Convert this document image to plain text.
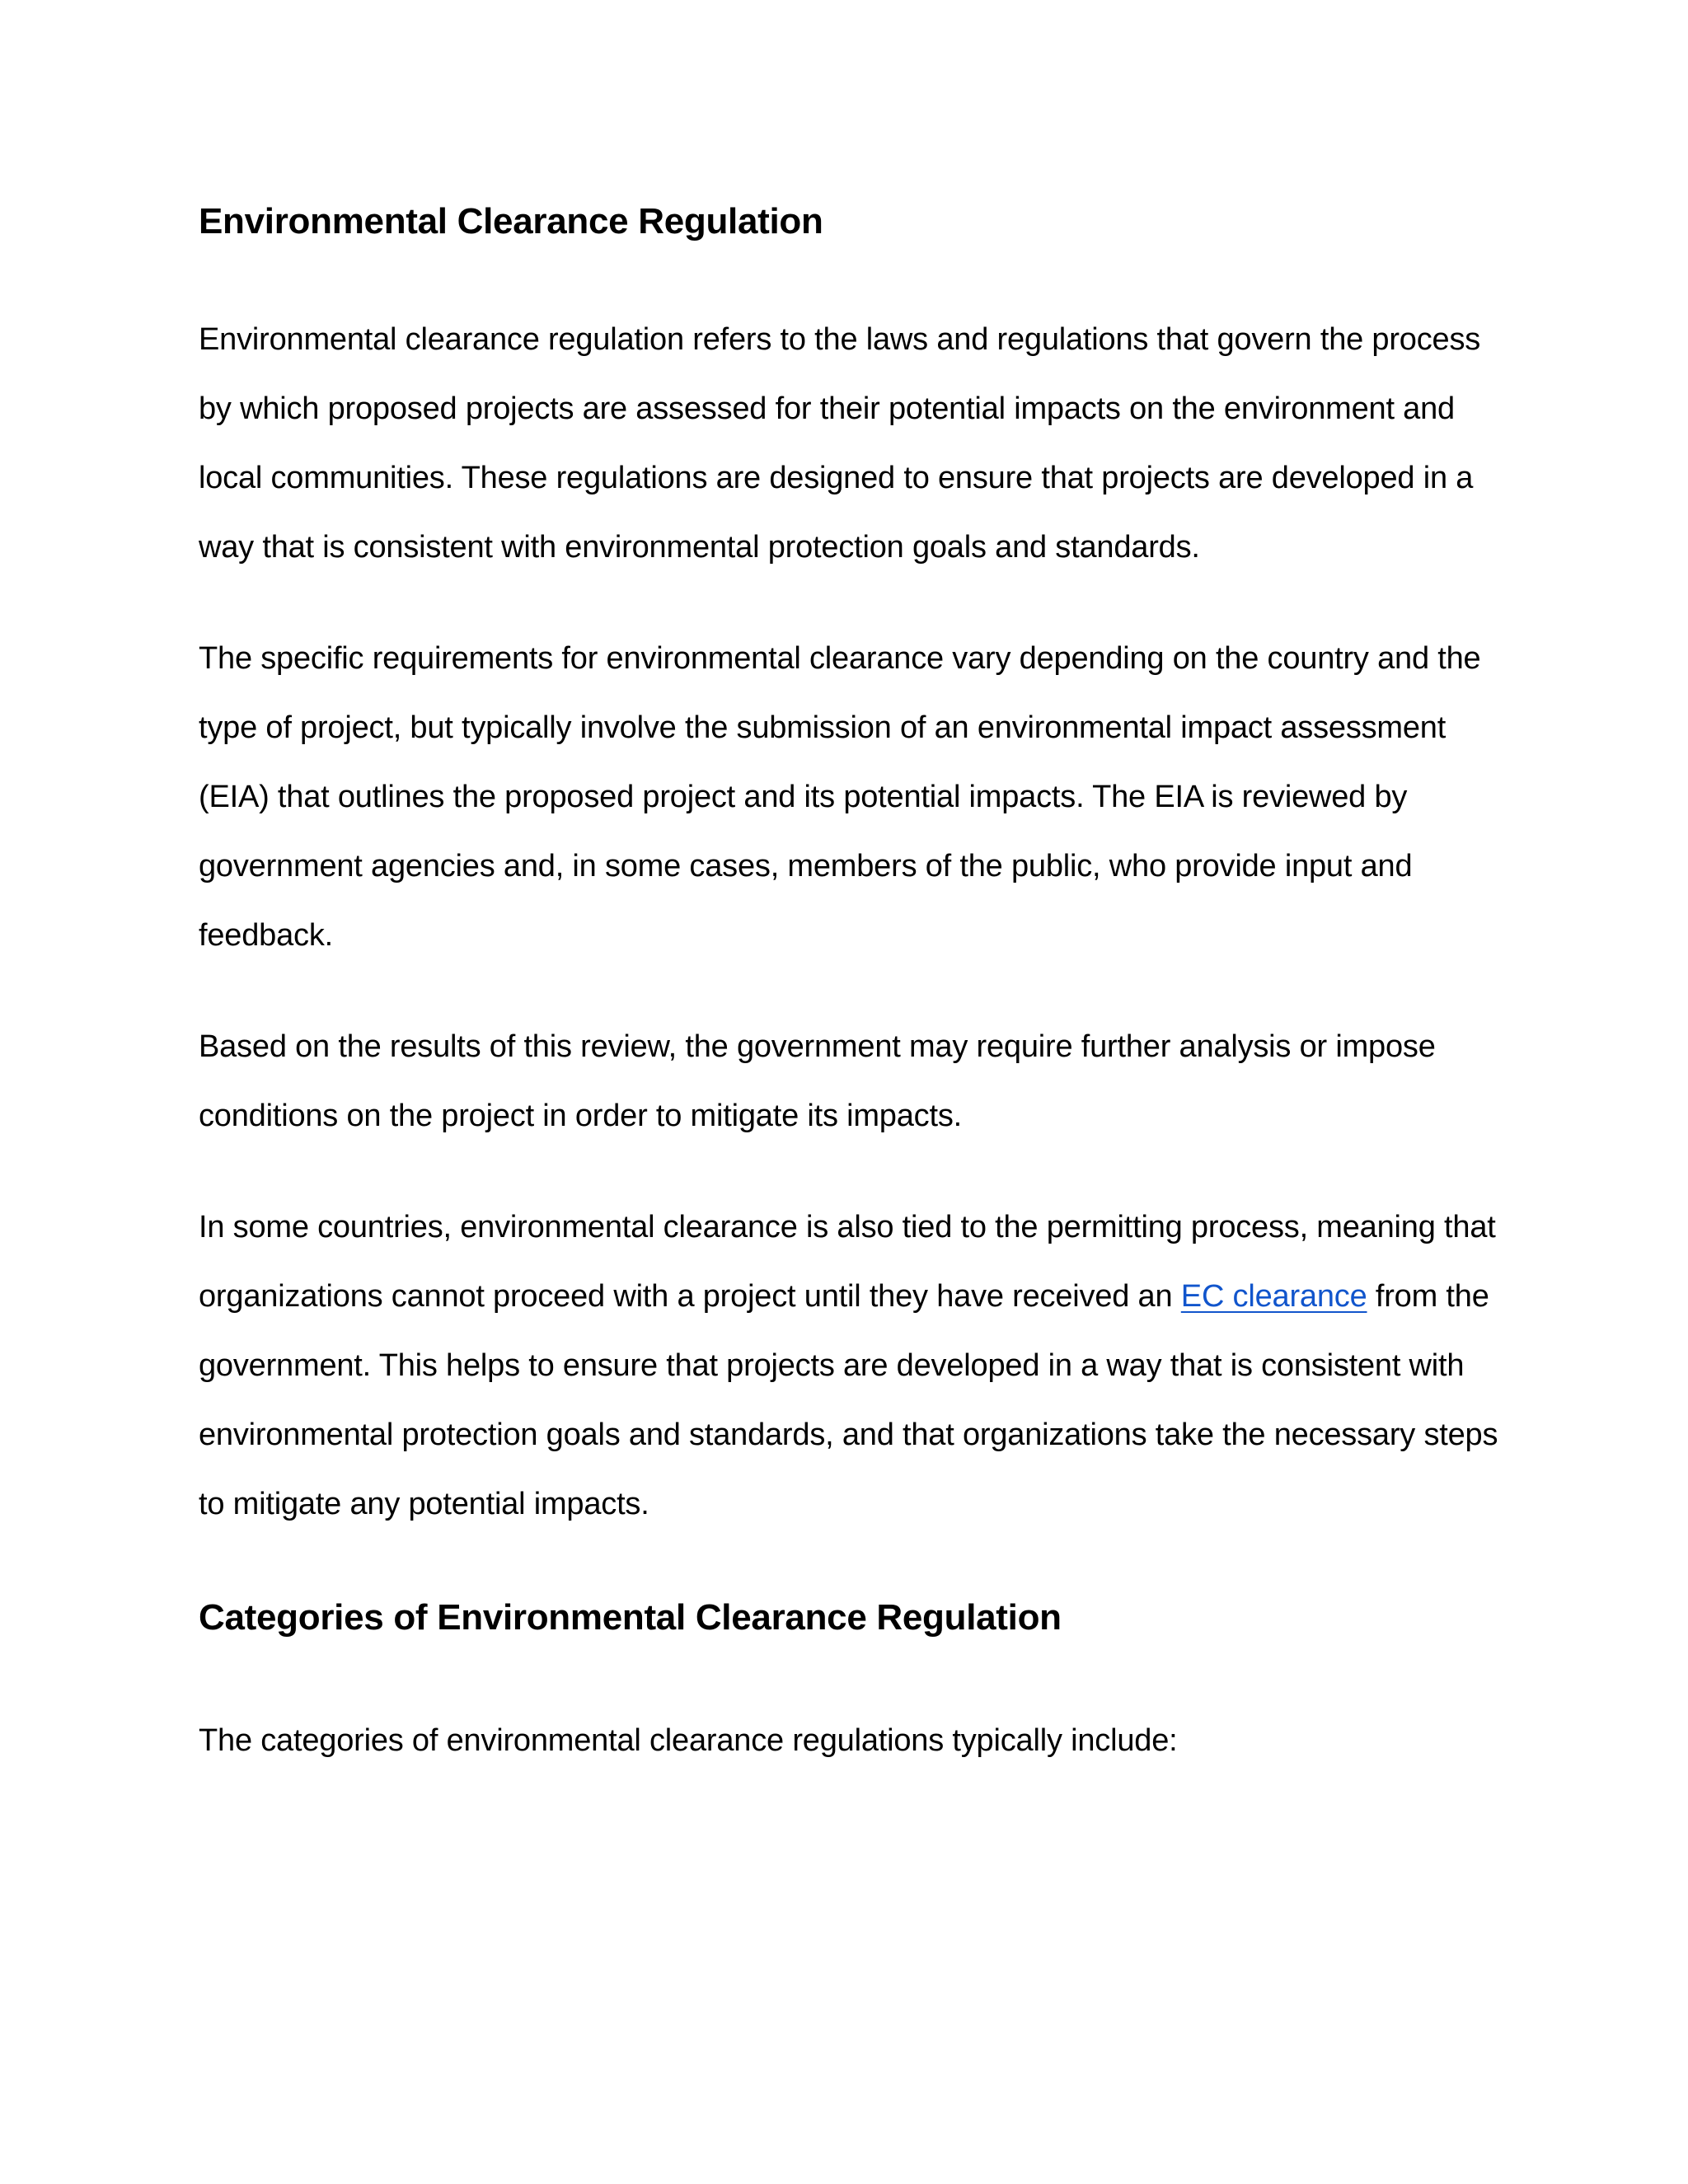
Environmental Clearance Regulation

Environmental clearance regulation refers to the laws and regulations that govern the process by which proposed projects are assessed for their potential impacts on the environment and local communities. These regulations are designed to ensure that projects are developed in a way that is consistent with environmental protection goals and standards.

The specific requirements for environmental clearance vary depending on the country and the type of project, but typically involve the submission of an environmental impact assessment (EIA) that outlines the proposed project and its potential impacts. The EIA is reviewed by government agencies and, in some cases, members of the public, who provide input and feedback.

Based on the results of this review, the government may require further analysis or impose conditions on the project in order to mitigate its impacts.

In some countries, environmental clearance is also tied to the permitting process, meaning that organizations cannot proceed with a project until they have received an EC clearance from the government. This helps to ensure that projects are developed in a way that is consistent with environmental protection goals and standards, and that organizations take the necessary steps to mitigate any potential impacts.

Categories of Environmental Clearance Regulation

The categories of environmental clearance regulations typically include:
